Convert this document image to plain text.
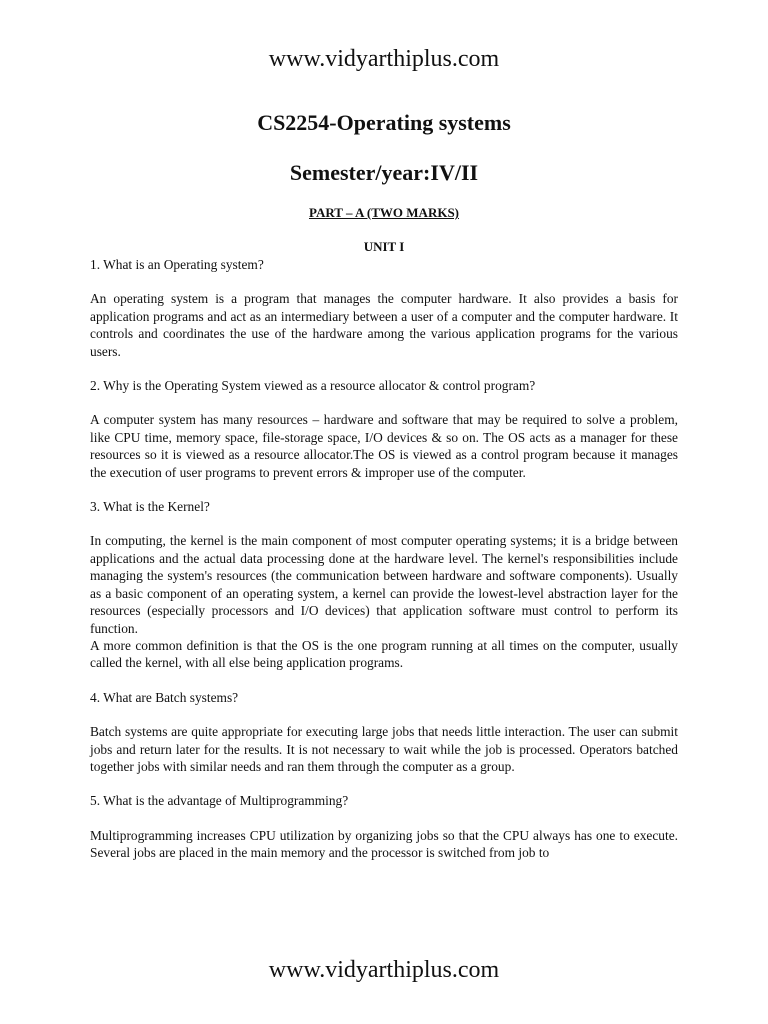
www.vidyarthiplus.com
CS2254-Operating systems
Semester/year:IV/II
PART – A (TWO MARKS)
UNIT I

1. What is an Operating system?

An operating system is a program that manages the computer hardware. It also provides a basis for application programs and act as an intermediary between a user of a computer and the computer hardware. It controls and coordinates the use of the hardware among the various application programs for the various users.

2. Why is the Operating System viewed as a resource allocator & control program?

A computer system has many resources – hardware and software that may be required to solve a problem, like CPU time, memory space, file-storage space, I/O devices & so on. The OS acts as a manager for these resources so it is viewed as a resource allocator.The OS is viewed as a control program because it manages the execution of user programs to prevent errors & improper use of the computer.

3. What is the Kernel?

In computing, the kernel is the main component of most computer operating systems; it is a bridge between applications and the actual data processing done at the hardware level. The kernel's responsibilities include managing the system's resources (the communication between hardware and software components). Usually as a basic component of an operating system, a kernel can provide the lowest-level abstraction layer for the resources (especially processors and I/O devices) that application software must control to perform its function.

A more common definition is that the OS is the one program running at all times on the computer, usually called the kernel, with all else being application programs.

4. What are Batch systems?

Batch systems are quite appropriate for executing large jobs that needs little interaction. The user can submit jobs and return later for the results. It is not necessary to wait while the job is processed. Operators batched together jobs with similar needs and ran them through the computer as a group.

5. What is the advantage of Multiprogramming?

Multiprogramming increases CPU utilization by organizing jobs so that the CPU always has one to execute. Several jobs are placed in the main memory and the processor is switched from job to

www.vidyarthiplus.com
